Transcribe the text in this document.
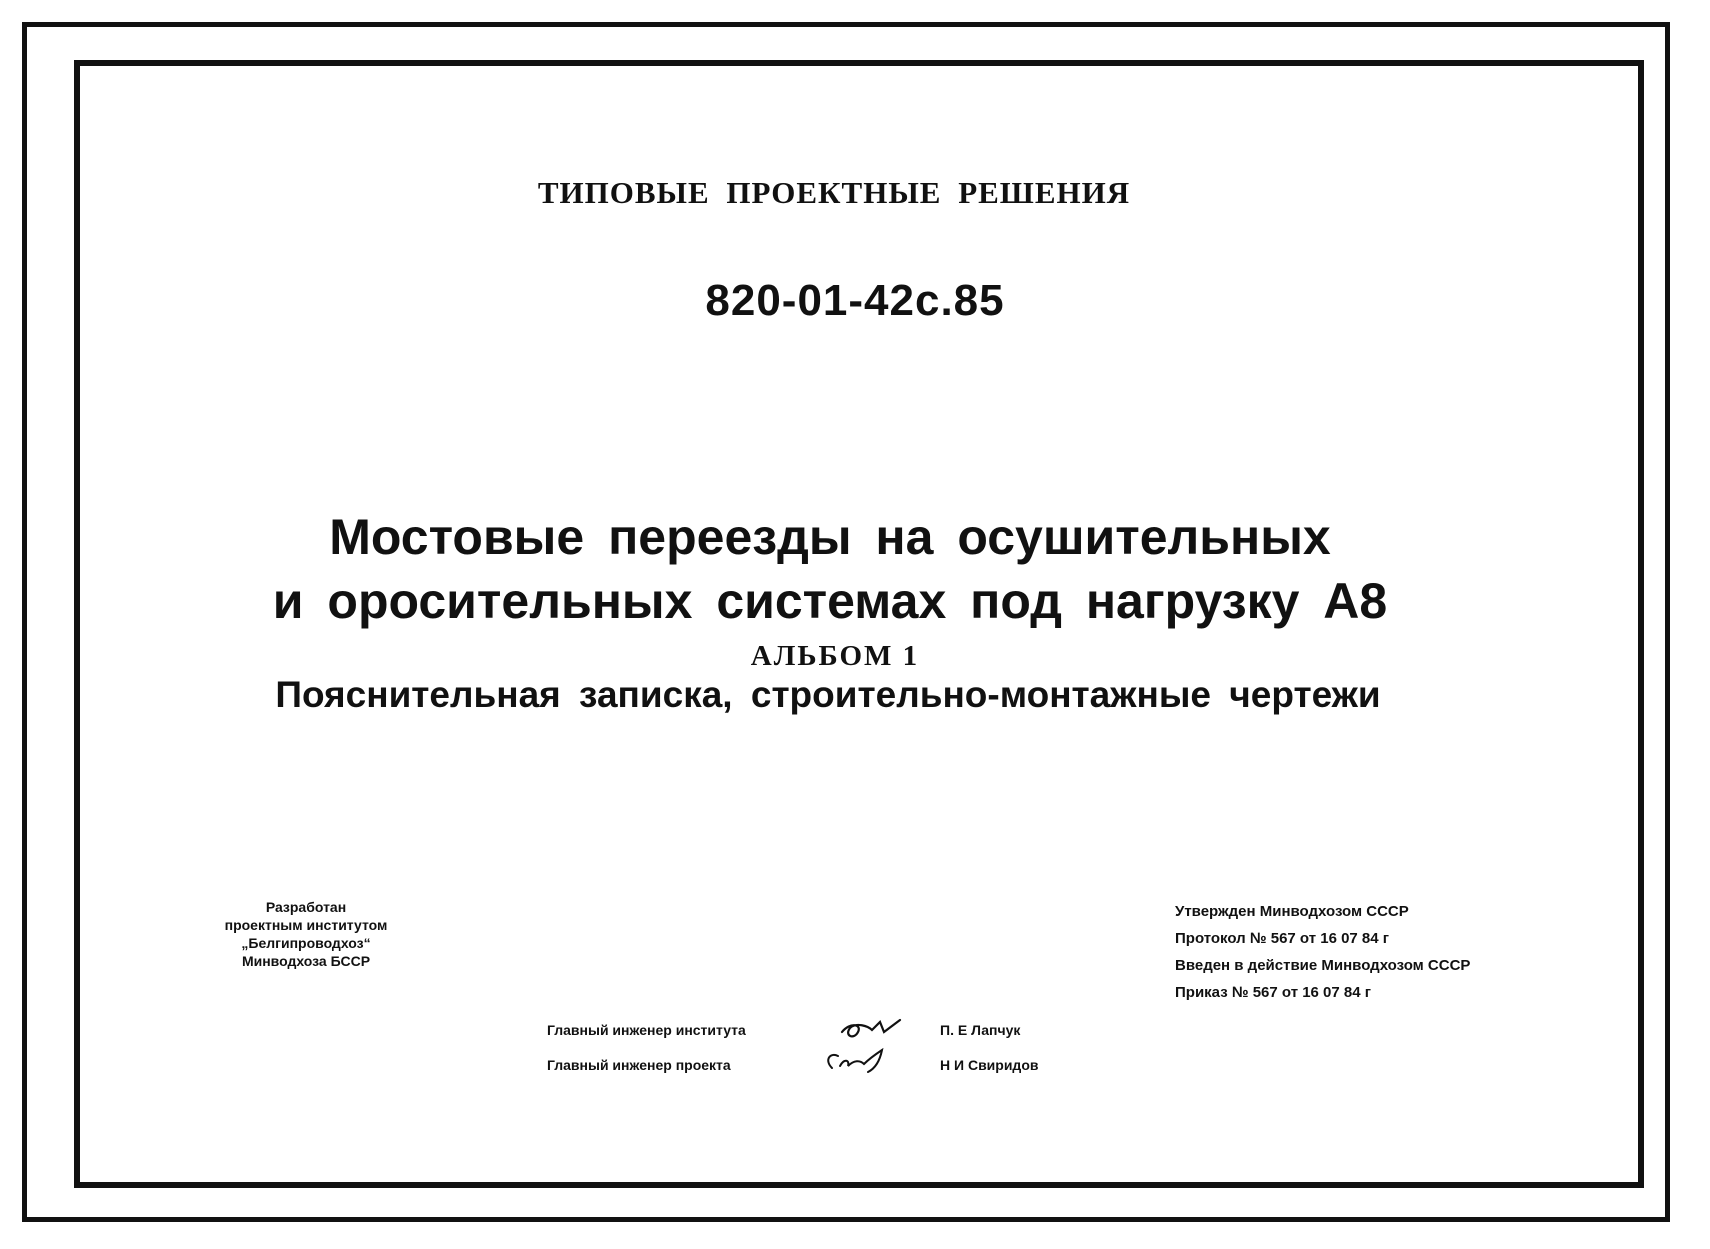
ТИПОВЫЕ ПРОЕКТНЫЕ РЕШЕНИЯ
820-01-42с.85
Мостовые переезды на осушительных
и оросительных системах под нагрузку А8
АЛЬБОМ 1
Пояснительная записка, строительно-монтажные чертежи
Разработан
проектным институтом
„Белгипроводхоз“
Минводхоза БССР
Утвержден Минводхозом СССР
Протокол № 567 от 16 07 84 г
Введен в действие Минводхозом СССР
Приказ № 567 от 16 07 84 г
Главный инженер института
Главный инженер проекта
П. Е Лапчук
Н И Свиридов
